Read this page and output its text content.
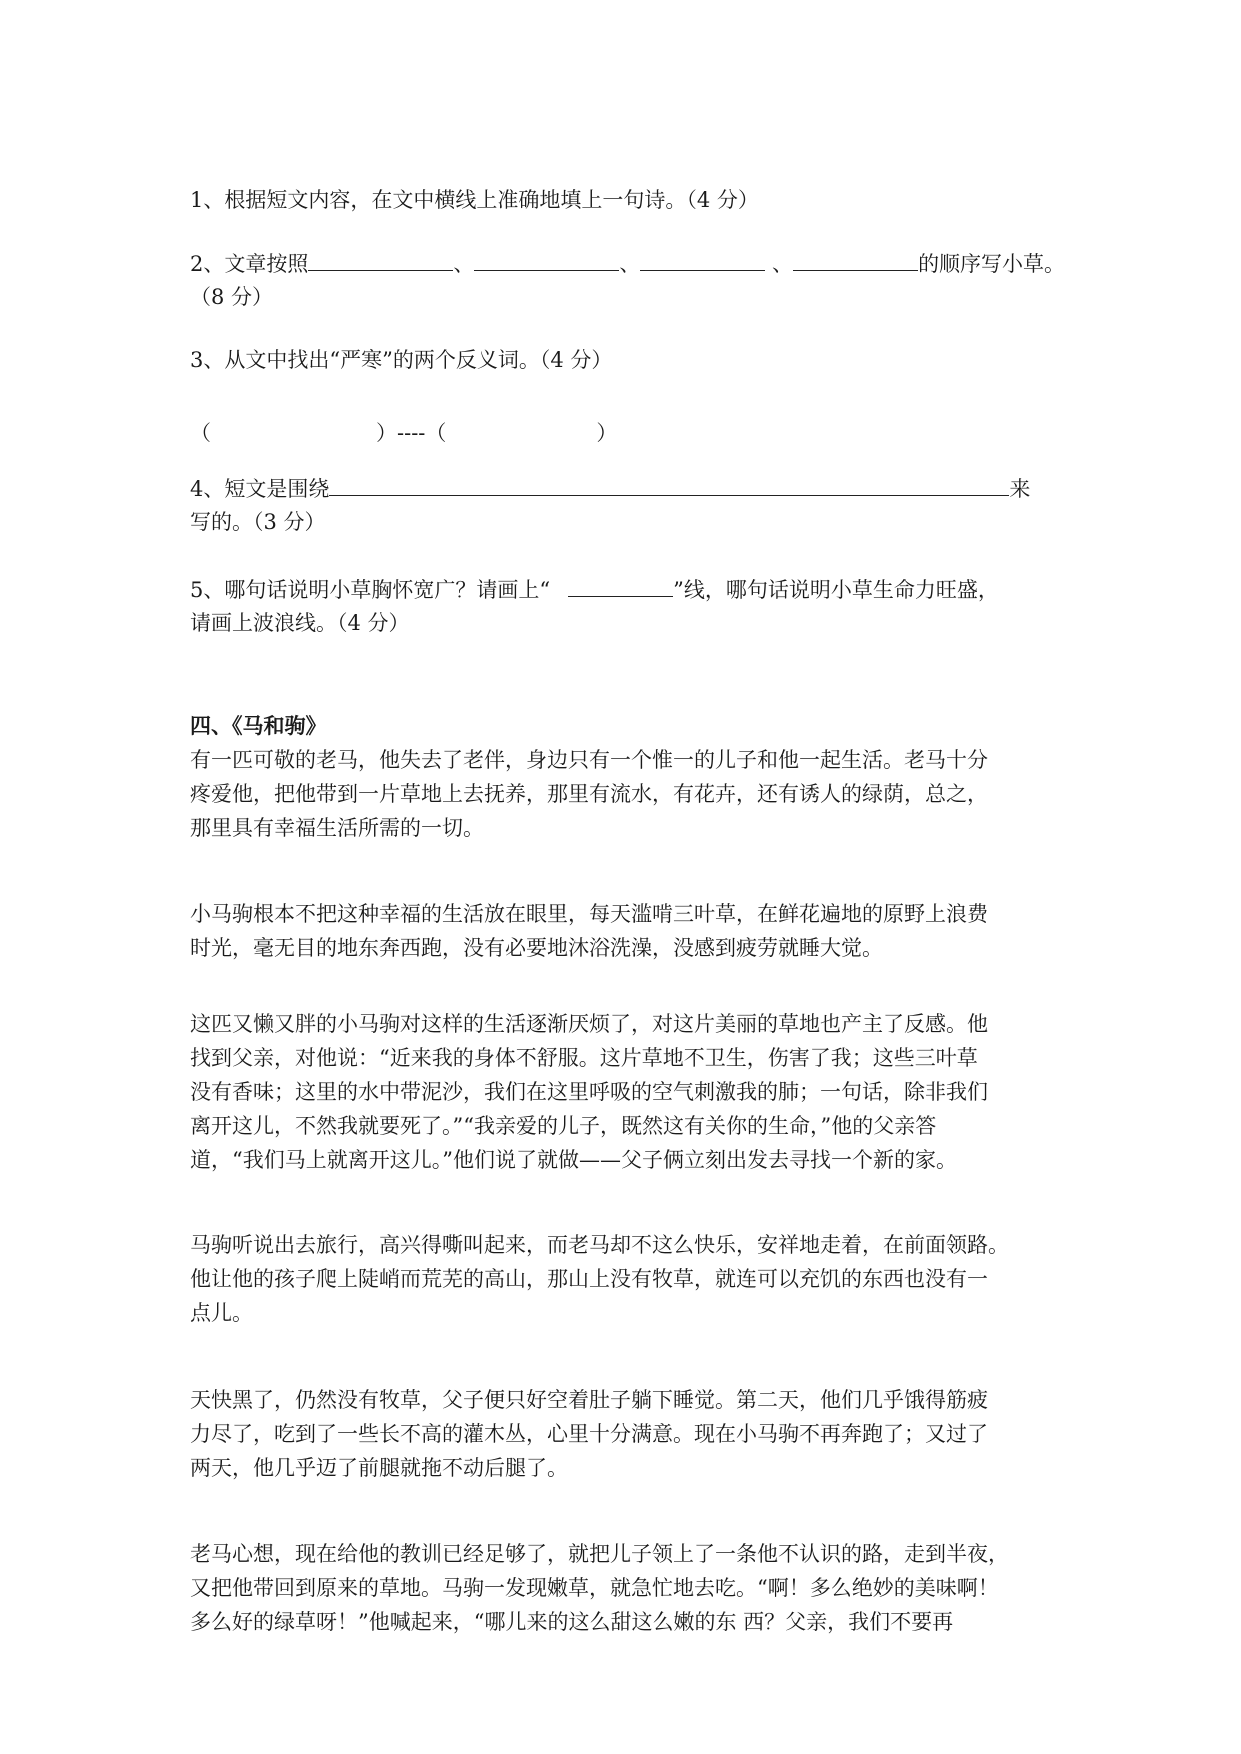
1、根据短文内容，在文中横线上准确地填上一句诗。（4 分）

2、文章按照	、	、	、	的顺序写小草。
（8 分）

3、从文中找出“严寒”的两个反义词。（4 分）

（	）----（	）

4、短文是围绕	来
写的。（3 分）

5、哪句话说明小草胸怀宽广？请画上“	”线，哪句话说明小草生命力旺盛，
请画上波浪线。（4 分）

四、《马和驹》

有一匹可敬的老马，他失去了老伴，身边只有一个惟一的儿子和他一起生活。老马十分
疼爱他，把他带到一片草地上去抚养，那里有流水，有花卉，还有诱人的绿荫，总之，
那里具有幸福生活所需的一切。

小马驹根本不把这种幸福的生活放在眼里，每天滥啃三叶草，在鲜花遍地的原野上浪费
时光，毫无目的地东奔西跑，没有必要地沐浴洗澡，没感到疲劳就睡大觉。

这匹又懒又胖的小马驹对这样的生活逐渐厌烦了，对这片美丽的草地也产主了反感。他
找到父亲，对他说：“近来我的身体不舒服。这片草地不卫生，伤害了我；这些三叶草
没有香味；这里的水中带泥沙，我们在这里呼吸的空气刺激我的肺；一句话，除非我们
离开这儿，不然我就要死了。”“我亲爱的儿子，既然这有关你的生命，”他的父亲答
道，“我们马上就离开这儿。”他们说了就做——父子俩立刻出发去寻找一个新的家。

马驹听说出去旅行，高兴得嘶叫起来，而老马却不这么快乐，安祥地走着，在前面领路。
他让他的孩子爬上陡峭而荒芜的高山，那山上没有牧草，就连可以充饥的东西也没有一
点儿。

天快黑了，仍然没有牧草，父子便只好空着肚子躺下睡觉。第二天，他们几乎饿得筋疲
力尽了，吃到了一些长不高的灌木丛，心里十分满意。现在小马驹不再奔跑了；又过了
两天，他几乎迈了前腿就拖不动后腿了。

老马心想，现在给他的教训已经足够了，就把儿子领上了一条他不认识的路，走到半夜，
又把他带回到原来的草地。马驹一发现嫩草，就急忙地去吃。“啊！多么绝妙的美味啊！
多么好的绿草呀！”他喊起来，“哪儿来的这么甜这么嫩的东 西？父亲，我们不要再
